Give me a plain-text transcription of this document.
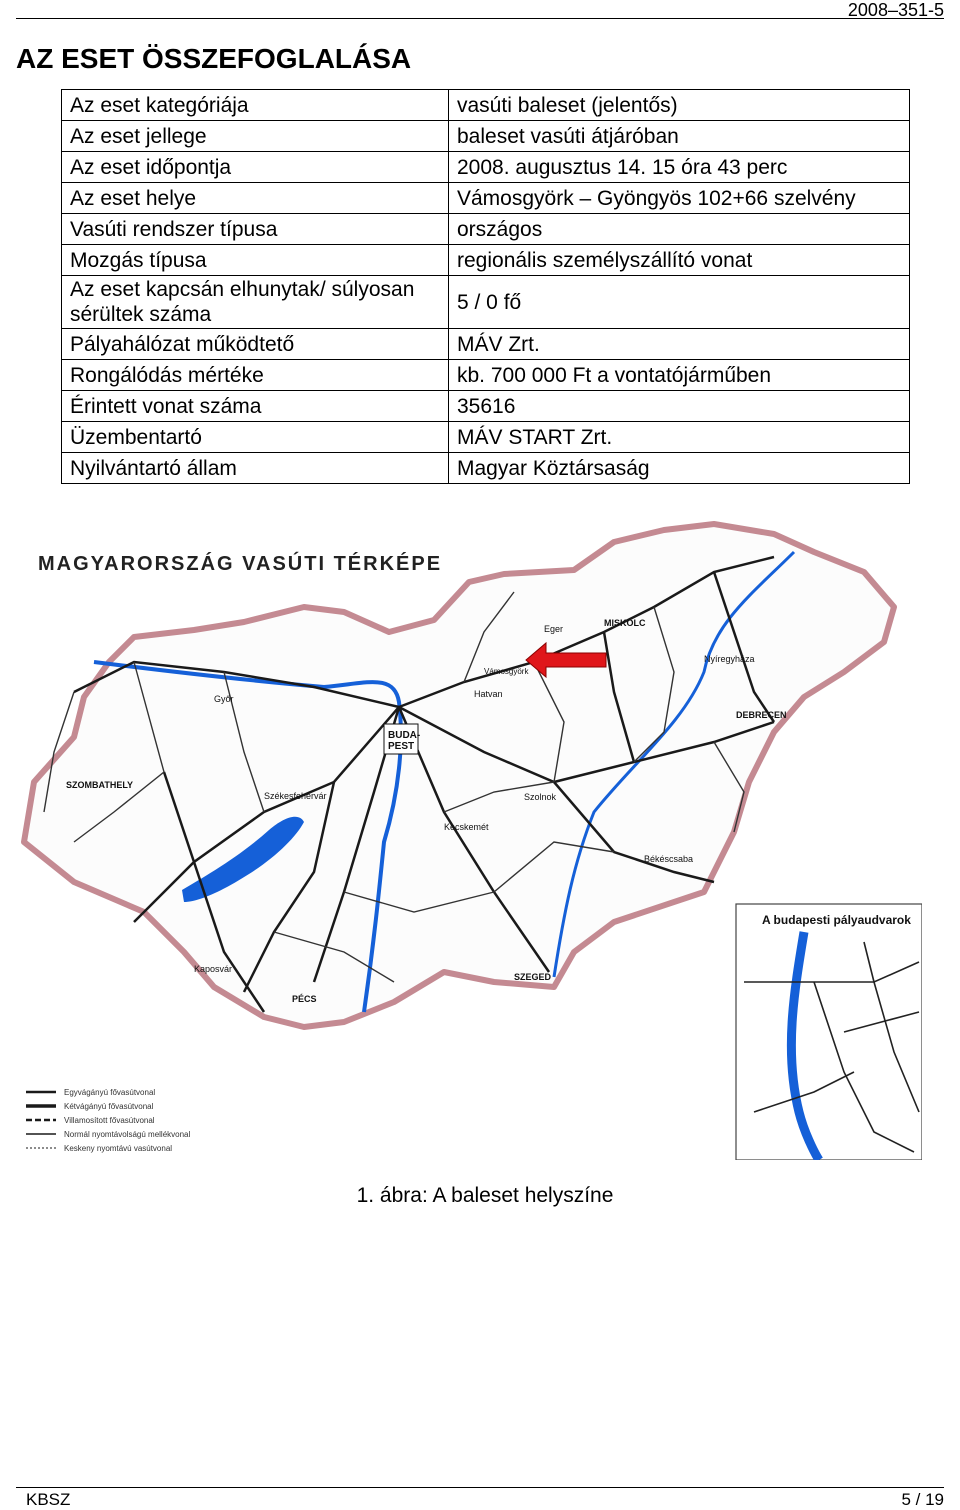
2008–351-5
AZ ESET ÖSSZEFOGLALÁSA
Az eset kategóriája	vasúti baleset (jelentős)
Az eset jellege	baleset vasúti átjáróban
Az eset időpontja	2008. augusztus 14. 15 óra 43 perc
Az eset helye	Vámosgyörk – Gyöngyös 102+66 szelvény
Vasúti rendszer típusa	országos
Mozgás típusa	regionális személyszállító vonat
Az eset kapcsán elhunytak/ súlyosan sérültek száma	5 / 0 fő
Pályahálózat működtető	MÁV Zrt.
Rongálódás mértéke	kb. 700 000 Ft a vontatójárműben
Érintett vonat száma	35616
Üzembentartó	MÁV START Zrt.
Nyilvántartó állam	Magyar Köztársaság
MAGYARORSZÁG VASÚTI TÉRKÉPE
A budapesti pályaudvarok
BUDA-PEST
MISKOLC
DEBRECEN
SZEGED
PÉCS
SZOMBATHELY
Győr
Szolnok
Kecskemét
Nyíregyháza
Békéscsaba
Székesfehérvár
Kaposvár
Eger
Hatvan
Vámosgyörk
Egyvágányú fővasútvonal
Kétvágányú fővasútvonal
Villamosított fővasútvonal
Normál nyomtávolságú mellékvonal
Keskeny nyomtávú vasútvonal
1. ábra: A baleset helyszíne
KBSZ	5 / 19
